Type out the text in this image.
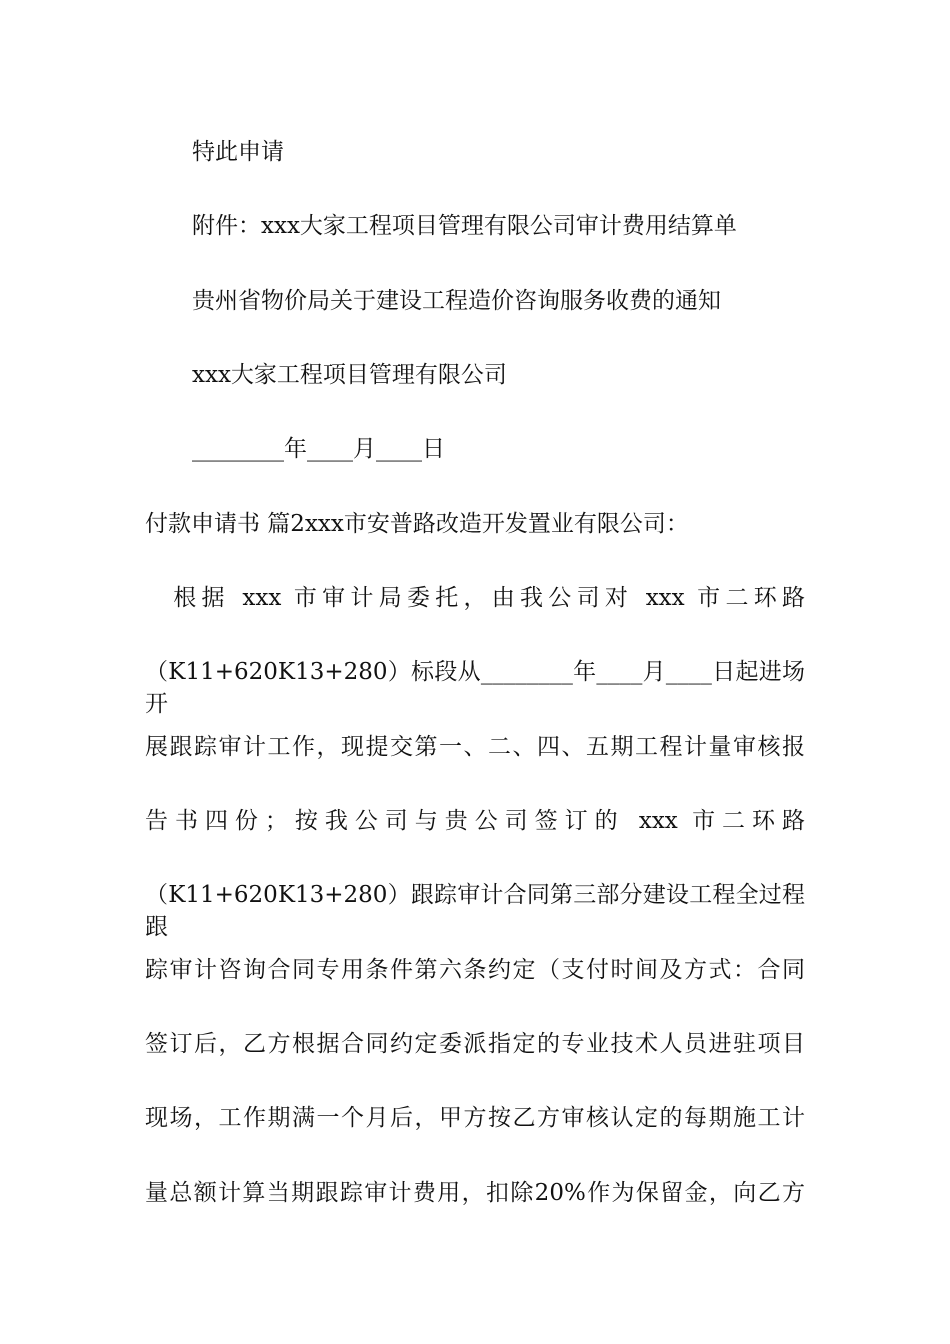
特此申请

附件：xxx大家工程项目管理有限公司审计费用结算单

贵州省物价局关于建设工程造价咨询服务收费的通知

xxx大家工程项目管理有限公司

________年____月____日

付款申请书 篇2xxx市安普路改造开发置业有限公司：

　根据 xxx 市审计局委托，由我公司对 xxx 市二环路

（K11+620K13+280）标段从________年____月____日起进场开

展跟踪审计工作，现提交第一、二、四、五期工程计量审核报

告书四份；按我公司与贵公司签订的 xxx 市二环路

（K11+620K13+280）跟踪审计合同第三部分建设工程全过程跟

踪审计咨询合同专用条件第六条约定（支付时间及方式：合同

签订后，乙方根据合同约定委派指定的专业技术人员进驻项目

现场，工作期满一个月后，甲方按乙方审核认定的每期施工计

量总额计算当期跟踪审计费用，扣除20%作为保留金，向乙方
